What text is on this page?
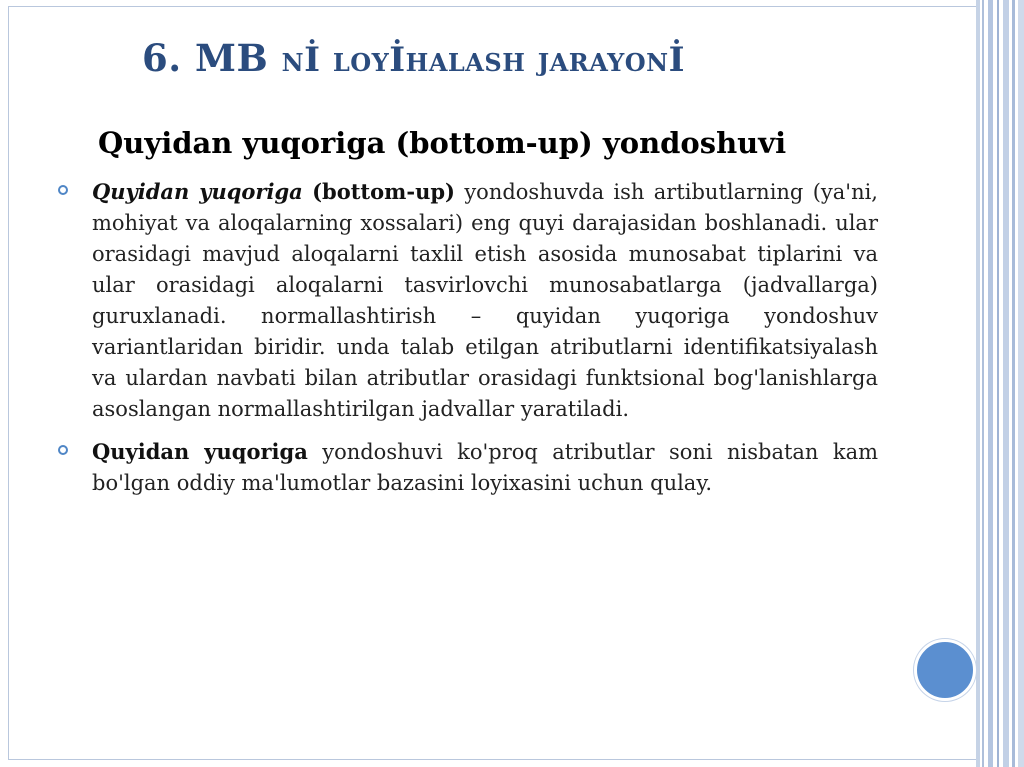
6. MB nİ loyİhalash jarayonİ
Quyidan yuqoriga (bottom-up) yondoshuvi
Quyidan yuqoriga (bottom-up) yondoshuvda ish artibutlarning (ya'ni, mohiyat va aloqalarning xossalari) eng quyi darajasidan boshlanadi. ular orasidagi mavjud aloqalarni taxlil etish asosida munosabat tiplarini va ular orasidagi aloqalarni tasvirlovchi munosabatlarga (jadvallarga) guruxlanadi. normallashtirish – quyidan yuqoriga yondoshuv variantlaridan biridir. unda talab etilgan atributlarni identifikatsiyalash va ulardan navbati bilan atributlar orasidagi funktsional bog'lanishlarga asoslangan normallashtirilgan jadvallar yaratiladi.
Quyidan yuqoriga yondoshuvi ko'proq atributlar soni nisbatan kam bo'lgan oddiy ma'lumotlar bazasini loyixasini uchun qulay.
